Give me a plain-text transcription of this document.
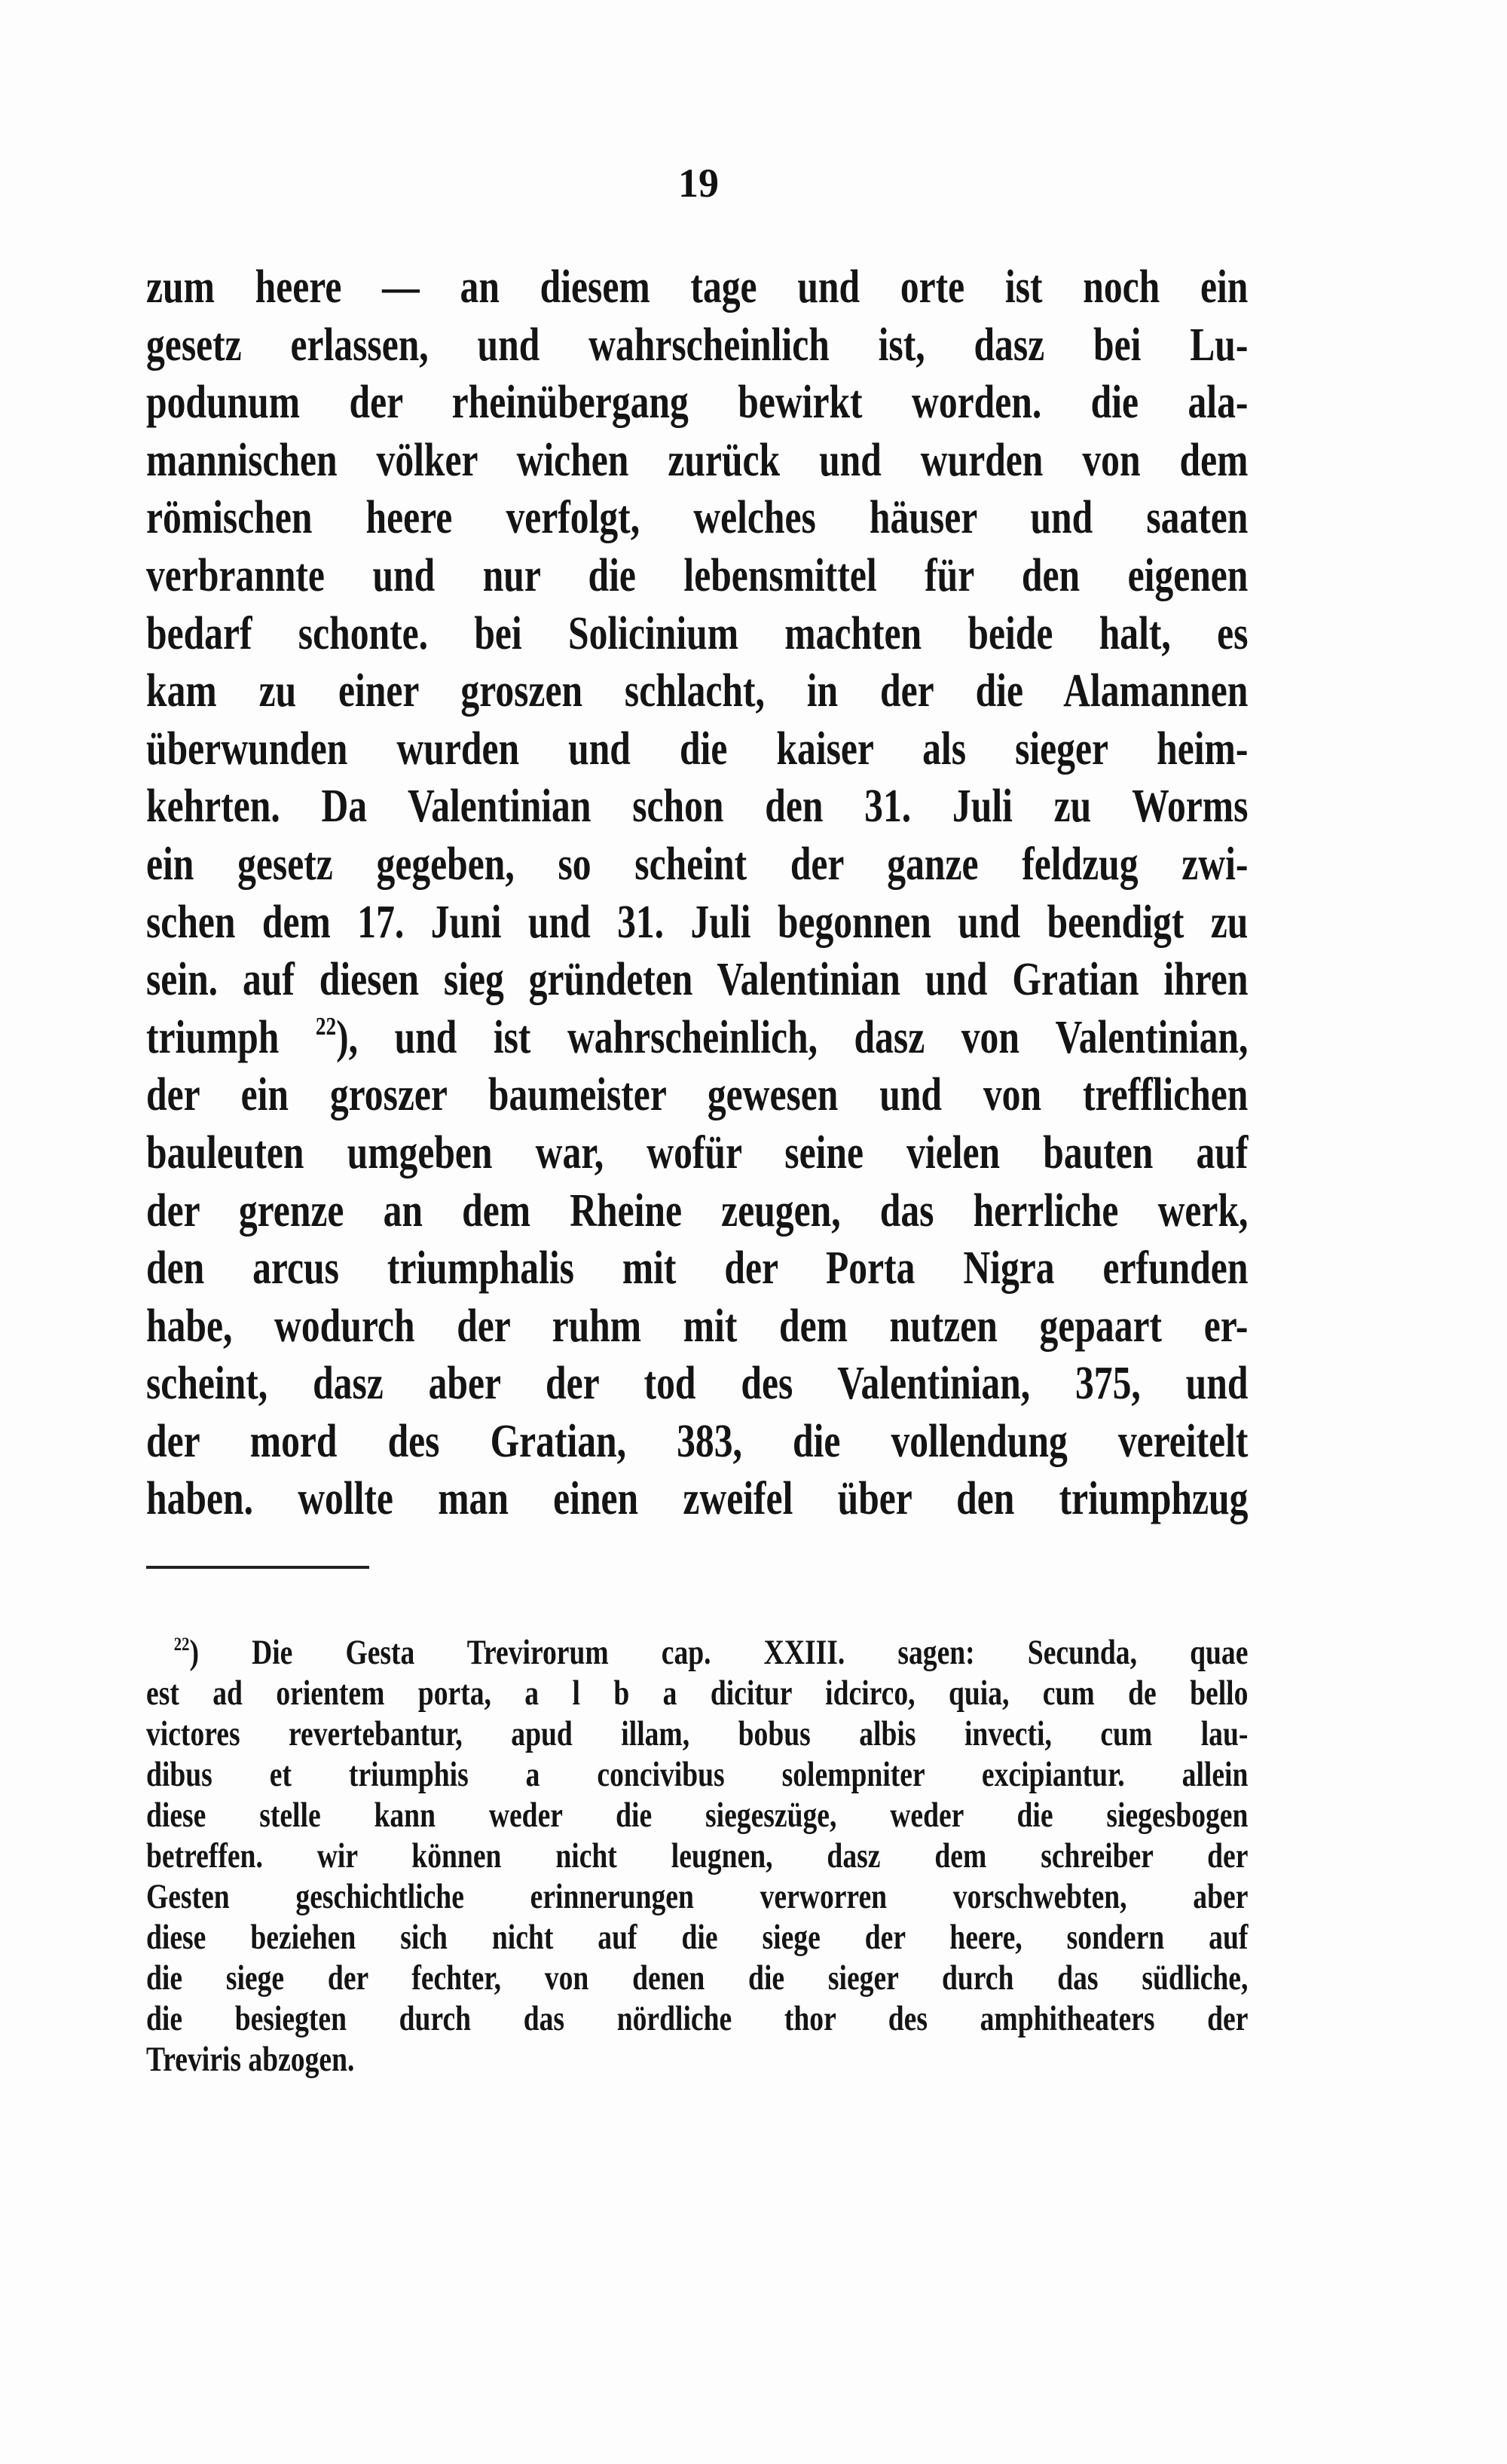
19
zum heere — an diesem tage und orte ist noch ein
gesetz erlassen, und wahrscheinlich ist, dasz bei Lu-
podunum der rheinübergang bewirkt worden. die ala-
mannischen völker wichen zurück und wurden von dem
römischen heere verfolgt, welches häuser und saaten
verbrannte und nur die lebensmittel für den eigenen
bedarf schonte. bei Solicinium machten beide halt, es
kam zu einer groszen schlacht, in der die Alamannen
überwunden wurden und die kaiser als sieger heim-
kehrten. Da Valentinian schon den 31. Juli zu Worms
ein gesetz gegeben, so scheint der ganze feldzug zwi-
schen dem 17. Juni und 31. Juli begonnen und beendigt zu
sein. auf diesen sieg gründeten Valentinian und Gratian ihren
triumph $^{22}$), und ist wahrscheinlich, dasz von Valentinian,
der ein groszer baumeister gewesen und von trefflichen
bauleuten umgeben war, wofür seine vielen bauten auf
der grenze an dem Rheine zeugen, das herrliche werk,
den arcus triumphalis mit der Porta Nigra erfunden
habe, wodurch der ruhm mit dem nutzen gepaart er-
scheint, dasz aber der tod des Valentinian, 375, und
der mord des Gratian, 383, die vollendung vereitelt
haben. wollte man einen zweifel über den triumphzug
$^{22}$) Die Gesta Trevirorum cap. XXIII. sagen: Secunda, quae
est ad orientem porta, a l b a dicitur idcirco, quia, cum de bello
victores revertebantur, apud illam, bobus albis invecti, cum lau-
dibus et triumphis a concivibus solempniter excipiantur. allein
diese stelle kann weder die siegeszüge, weder die siegesbogen
betreffen. wir können nicht leugnen, dasz dem schreiber der
Gesten geschichtliche erinnerungen verworren vorschwebten, aber
diese beziehen sich nicht auf die siege der heere, sondern auf
die siege der fechter, von denen die sieger durch das südliche,
die besiegten durch das nördliche thor des amphitheaters der
Treviris abzogen.
